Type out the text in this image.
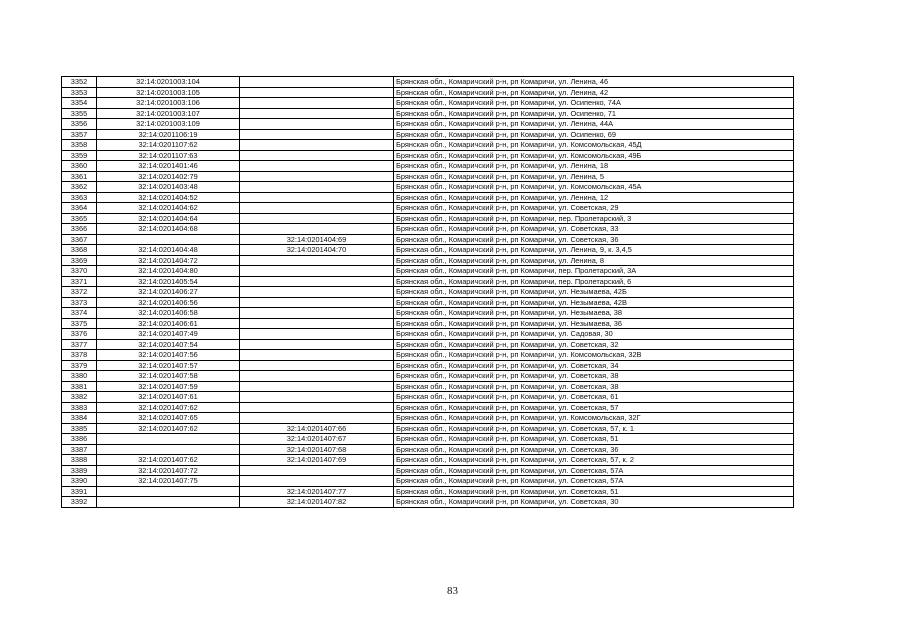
3352	32:14:0201003:104		Брянская обл., Комаричский р-н, рп Комаричи, ул. Ленина, 46
3353	32:14:0201003:105		Брянская обл., Комаричский р-н, рп Комаричи, ул. Ленина, 42
3354	32:14:0201003:106		Брянская обл., Комаричский р-н, рп Комаричи, ул. Осипенко, 74А
3355	32:14:0201003:107		Брянская обл., Комаричский р-н, рп Комаричи, ул. Осипенко, 71
3356	32:14:0201003:109		Брянская обл., Комаричский р-н, рп Комаричи, ул. Ленина, 44А
3357	32:14:0201106:19		Брянская обл., Комаричский р-н, рп Комаричи, ул. Осипенко, 69
3358	32:14:0201107:62		Брянская обл., Комаричский р-н, рп Комаричи, ул. Комсомольская, 45Д
3359	32:14:0201107:63		Брянская обл., Комаричский р-н, рп Комаричи, ул. Комсомольская, 49Б
3360	32:14:0201401:46		Брянская обл., Комаричский р-н, рп Комаричи, ул. Ленина, 18
3361	32:14:0201402:79		Брянская обл., Комаричский р-н, рп Комаричи, ул. Ленина, 5
3362	32:14:0201403:48		Брянская обл., Комаричский р-н, рп Комаричи, ул. Комсомольская, 45А
3363	32:14:0201404:52		Брянская обл., Комаричский р-н, рп Комаричи, ул. Ленина, 12
3364	32:14:0201404:62		Брянская обл., Комаричский р-н, рп Комаричи, ул. Советская, 29
3365	32:14:0201404:64		Брянская обл., Комаричский р-н, рп Комаричи, пер. Пролетарский, 3
3366	32:14:0201404:68		Брянская обл., Комаричский р-н, рп Комаричи, ул. Советская, 33
3367		32:14:0201404:69	Брянская обл., Комаричский р-н, рп Комаричи, ул. Советская, 36
3368	32:14:0201404:48	32:14:0201404:70	Брянская обл., Комаричский р-н, рп Комаричи, ул. Ленина, 9, к. 3,4,5
3369	32:14:0201404:72		Брянская обл., Комаричский р-н, рп Комаричи, ул. Ленина, 8
3370	32:14:0201404:80		Брянская обл., Комаричский р-н, рп Комаричи, пер. Пролетарский, 3А
3371	32:14:0201405:54		Брянская обл., Комаричский р-н, рп Комаричи, пер. Пролетарский, 6
3372	32:14:0201406:27		Брянская обл., Комаричский р-н, рп Комаричи, ул. Незымаева, 42Б
3373	32:14:0201406:56		Брянская обл., Комаричский р-н, рп Комаричи, ул. Незымаева, 42В
3374	32:14:0201406:58		Брянская обл., Комаричский р-н, рп Комаричи, ул. Незымаева, 38
3375	32:14:0201406:61		Брянская обл., Комаричский р-н, рп Комаричи, ул. Незымаева, 36
3376	32:14:0201407:49		Брянская обл., Комаричский р-н, рп Комаричи, ул. Садовая, 30
3377	32:14:0201407:54		Брянская обл., Комаричский р-н, рп Комаричи, ул. Советская, 32
3378	32:14:0201407:56		Брянская обл., Комаричский р-н, рп Комаричи, ул. Комсомольская, 32В
3379	32:14:0201407:57		Брянская обл., Комаричский р-н, рп Комаричи, ул. Советская, 34
3380	32:14:0201407:58		Брянская обл., Комаричский р-н, рп Комаричи, ул. Советская, 38
3381	32:14:0201407:59		Брянская обл., Комаричский р-н, рп Комаричи, ул. Советская, 38
3382	32:14:0201407:61		Брянская обл., Комаричский р-н, рп Комаричи, ул. Советская, 61
3383	32:14:0201407:62		Брянская обл., Комаричский р-н, рп Комаричи, ул. Советская, 57
3384	32:14:0201407:65		Брянская обл., Комаричский р-н, рп Комаричи, ул. Комсомольская, 32Г
3385	32:14:0201407:62	32:14:0201407:66	Брянская обл., Комаричский р-н, рп Комаричи, ул. Советская, 57, к. 1
3386		32:14:0201407:67	Брянская обл., Комаричский р-н, рп Комаричи, ул. Советская, 51
3387		32:14:0201407:68	Брянская обл., Комаричский р-н, рп Комаричи, ул. Советская, 36
3388	32:14:0201407:62	32:14:0201407:69	Брянская обл., Комаричский р-н, рп Комаричи, ул. Советская, 57, к. 2
3389	32:14:0201407:72		Брянская обл., Комаричский р-н, рп Комаричи, ул. Советская, 57А
3390	32:14:0201407:75		Брянская обл., Комаричский р-н, рп Комаричи, ул. Советская, 57А
3391		32:14:0201407:77	Брянская обл., Комаричский р-н, рп Комаричи, ул. Советская, 51
3392		32:14:0201407:82	Брянская обл., Комаричский р-н, рп Комаричи, ул. Советская, 30
83
